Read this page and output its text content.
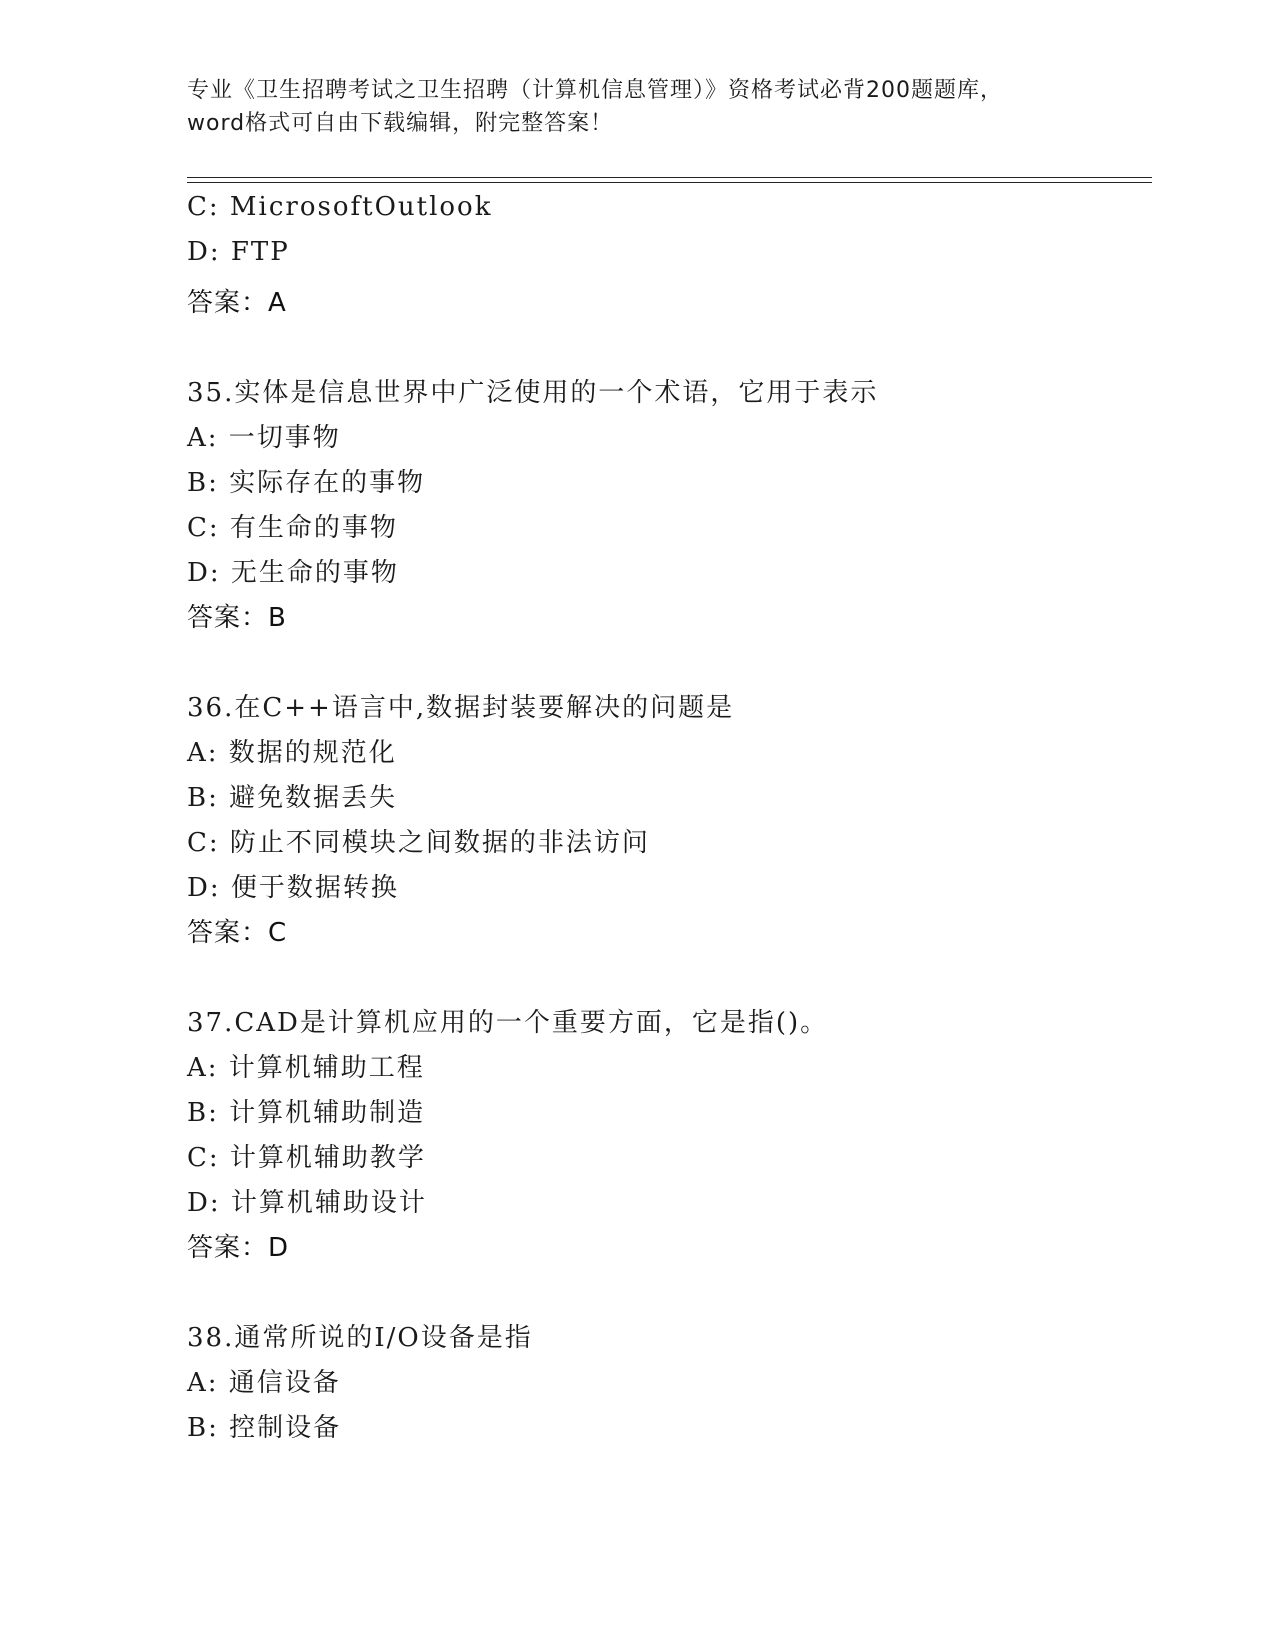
专业《卫生招聘考试之卫生招聘（计算机信息管理）》资格考试必背200题题库，
word格式可自由下载编辑，附完整答案！
C: MicrosoftOutlook
D: FTP
答案：A
35.实体是信息世界中广泛使用的一个术语，它用于表示
A: 一切事物
B: 实际存在的事物
C: 有生命的事物
D: 无生命的事物
答案：B
36.在C++语言中,数据封装要解决的问题是
A: 数据的规范化
B: 避免数据丢失
C: 防止不同模块之间数据的非法访问
D: 便于数据转换
答案：C
37.CAD是计算机应用的一个重要方面，它是指()。
A: 计算机辅助工程
B: 计算机辅助制造
C: 计算机辅助教学
D: 计算机辅助设计
答案：D
38.通常所说的I/O设备是指
A: 通信设备
B: 控制设备
